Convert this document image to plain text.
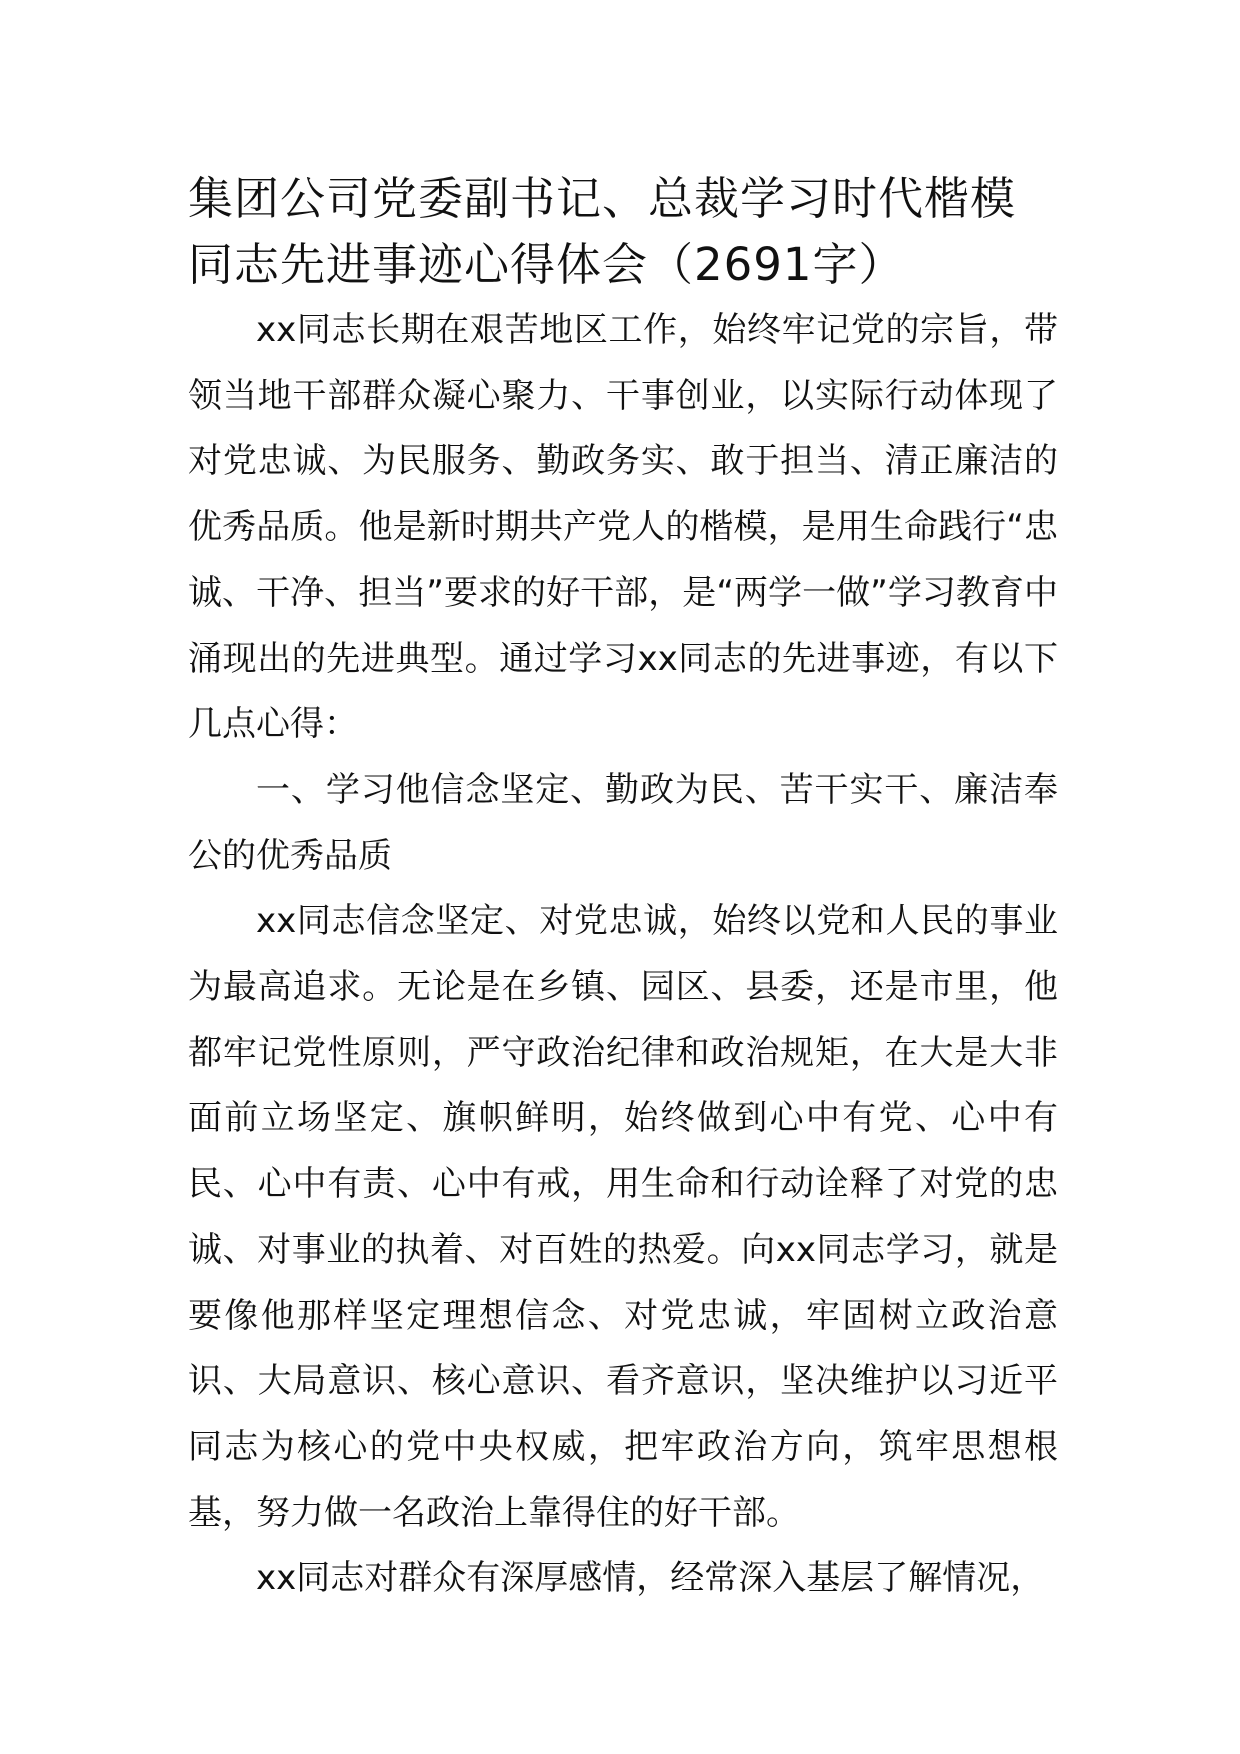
集团公司党委副书记、总裁学习时代楷模同志先进事迹心得体会（2691字）

xx同志长期在艰苦地区工作，始终牢记党的宗旨，带领当地干部群众凝心聚力、干事创业，以实际行动体现了对党忠诚、为民服务、勤政务实、敢于担当、清正廉洁的优秀品质。他是新时期共产党人的楷模，是用生命践行“忠诚、干净、担当”要求的好干部，是“两学一做”学习教育中涌现出的先进典型。通过学习xx同志的先进事迹，有以下几点心得：

一、学习他信念坚定、勤政为民、苦干实干、廉洁奉公的优秀品质

xx同志信念坚定、对党忠诚，始终以党和人民的事业为最高追求。无论是在乡镇、园区、县委，还是市里，他都牢记党性原则，严守政治纪律和政治规矩，在大是大非面前立场坚定、旗帜鲜明，始终做到心中有党、心中有民、心中有责、心中有戒，用生命和行动诠释了对党的忠诚、对事业的执着、对百姓的热爱。向xx同志学习，就是要像他那样坚定理想信念、对党忠诚，牢固树立政治意识、大局意识、核心意识、看齐意识，坚决维护以习近平同志为核心的党中央权威，把牢政治方向，筑牢思想根基，努力做一名政治上靠得住的好干部。

xx同志对群众有深厚感情，经常深入基层了解情况，
